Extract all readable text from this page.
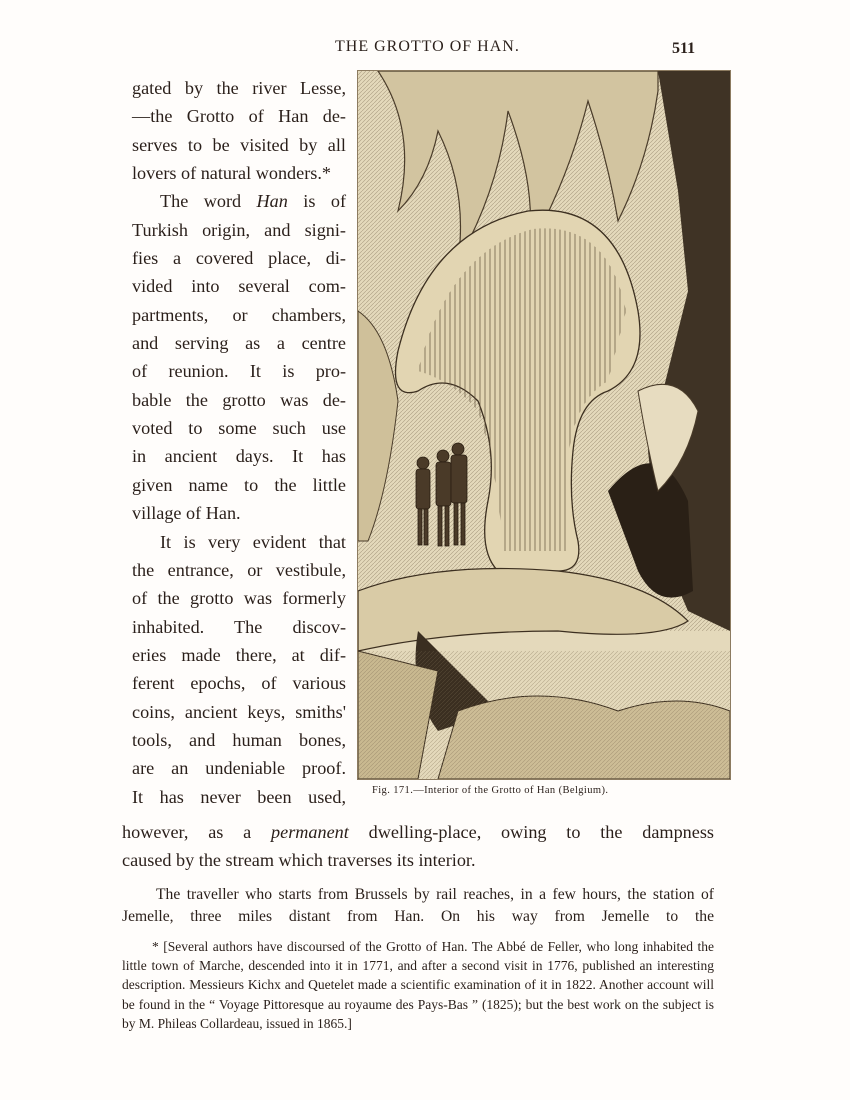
THE GROTTO OF HAN.	511

gated by the river Lesse,

—the Grotto of Han de-

serves to be visited by all

lovers of natural wonders.*

The word Han is of

Turkish origin, and signi-

fies a covered place, di-

vided into several com-

partments, or chambers,

and serving as a centre

of reunion. It is pro-

bable the grotto was de-

voted to some such use

in ancient days. It has

given name to the little

village of Han.

It is very evident that

the entrance, or vestibule,

of the grotto was formerly

inhabited. The discov-

eries made there, at dif-

ferent epochs, of various

coins, ancient keys, smiths'

tools, and human bones,

are an undeniable proof.

It has never been used, Fig. 171.—Interior of the Grotto of Han (Belgium).

however, as a permanent dwelling-place, owing to the dampness

caused by the stream which traverses its interior.

The traveller who starts from Brussels by rail reaches, in a few hours, the station of Jemelle, three miles distant from Han. On his way from Jemelle to the

* [Several authors have discoursed of the Grotto of Han. The Abbé de Feller, who long inhabited the little town of Marche, descended into it in 1771, and after a second visit in 1776, published an interesting description. Messieurs Kichx and Quetelet made a scientific examination of it in 1822. Another account will be found in the “ Voyage Pittoresque au royaume des Pays-Bas ” (1825); but the best work on the subject is by M. Phileas Collardeau, issued in 1865.]
